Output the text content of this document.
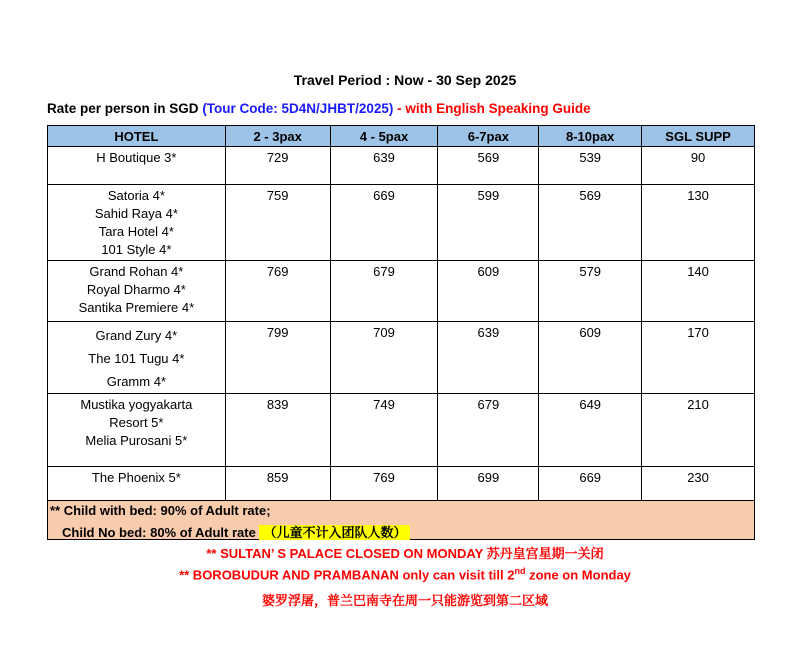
Travel Period : Now - 30 Sep 2025
Rate per person in SGD (Tour Code: 5D4N/JHBT/2025) - with English Speaking Guide
HOTEL	2 - 3pax	4 - 5pax	6-7pax	8-10pax	SGL SUPP

H Boutique 3*	729	639	569	539	90

Satoria 4*
Sahid Raya 4*
Tara Hotel 4*
101 Style 4*	759	669	599	569	130

Grand Rohan 4*
Royal Dharmo 4*
Santika Premiere 4*	769	679	609	579	140

Grand Zury 4*
The 101 Tugu 4*
Gramm 4*	799	709	639	609	170

Mustika yogyakarta
Resort 5*
Melia Purosani 5*	839	749	679	649	210

The Phoenix 5*	859	769	699	669	230
** Child with bed: 90% of Adult rate;
Child No bed: 80% of Adult rate （儿童不计入团队人数）
** SULTAN’ S PALACE CLOSED ON MONDAY 苏丹皇宫星期一关闭
** BOROBUDUR AND PRAMBANAN only can visit till 2nd zone on Monday
婆罗浮屠，普兰巴南寺在周一只能游览到第二区域
